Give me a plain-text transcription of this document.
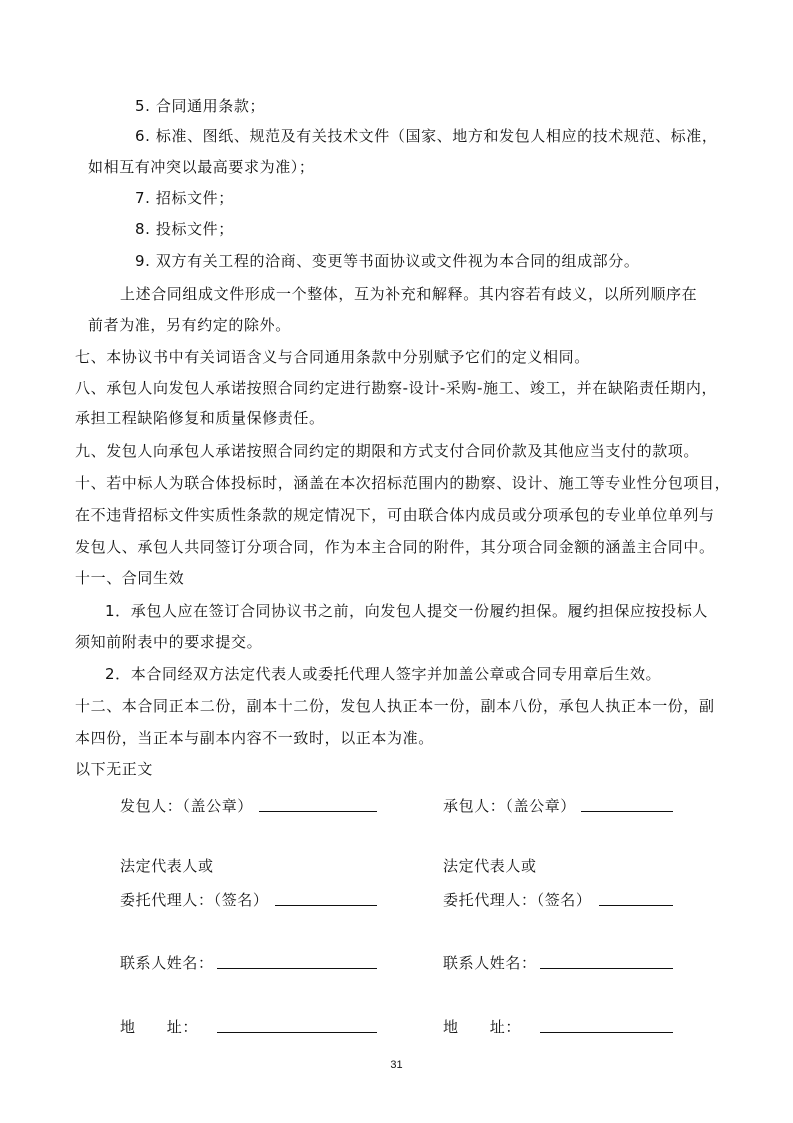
5. 合同通用条款；
6. 标准、图纸、规范及有关技术文件（国家、地方和发包人相应的技术规范、标准，
如相互有冲突以最高要求为准）；
7. 招标文件；
8. 投标文件；
9. 双方有关工程的洽商、变更等书面协议或文件视为本合同的组成部分。
上述合同组成文件形成一个整体，互为补充和解释。其内容若有歧义，以所列顺序在
前者为准，另有约定的除外。
七、本协议书中有关词语含义与合同通用条款中分别赋予它们的定义相同。
八、承包人向发包人承诺按照合同约定进行勘察-设计-采购-施工、竣工，并在缺陷责任期内，
承担工程缺陷修复和质量保修责任。
九、发包人向承包人承诺按照合同约定的期限和方式支付合同价款及其他应当支付的款项。
十、若中标人为联合体投标时，涵盖在本次招标范围内的勘察、设计、施工等专业性分包项目，
在不违背招标文件实质性条款的规定情况下，可由联合体内成员或分项承包的专业单位单列与
发包人、承包人共同签订分项合同，作为本主合同的附件，其分项合同金额的涵盖主合同中。
十一、合同生效
1．承包人应在签订合同协议书之前，向发包人提交一份履约担保。履约担保应按投标人
须知前附表中的要求提交。
2．本合同经双方法定代表人或委托代理人签字并加盖公章或合同专用章后生效。
十二、本合同正本二份，副本十二份，发包人执正本一份，副本八份，承包人执正本一份，副
本四份，当正本与副本内容不一致时，以正本为准。
以下无正文
发包人：（盖公章）	承包人：（盖公章）
法定代表人或	法定代表人或
委托代理人：（签名）	委托代理人：（签名）
联系人姓名：	联系人姓名：
地　　址：	地　　址：
31
